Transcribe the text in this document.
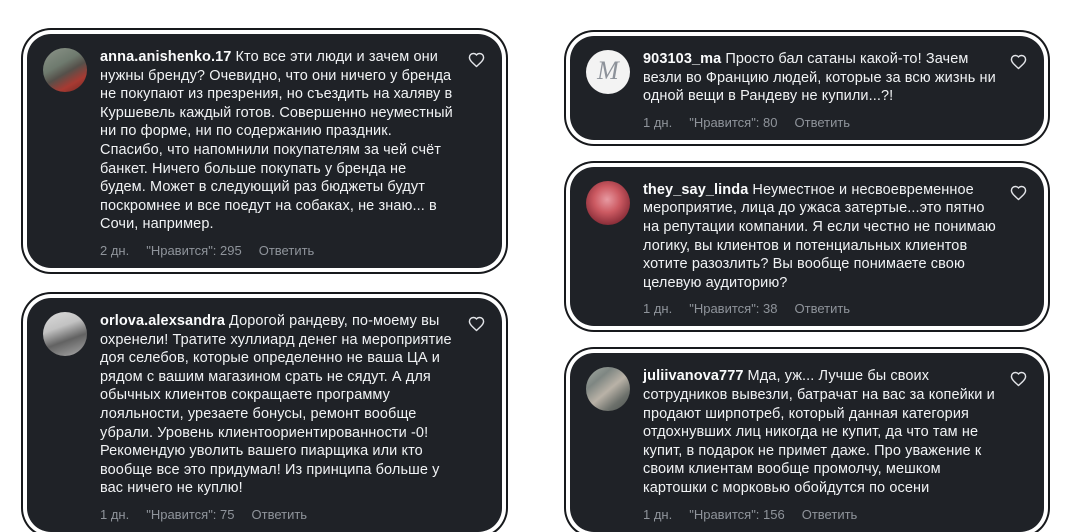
anna.anishenko.17 Кто все эти люди и зачем они нужны бренду? Очевидно, что они ничего у бренда не покупают из презрения, но съездить на халяву в Куршевель каждый готов. Совершенно неуместный ни по форме, ни по содержанию праздник. Спасибо, что напомнили покупателям за чей счёт банкет. Ничего больше покупать у бренда не будем. Может в следующий раз бюджеты будут поскромнее и все поедут на собаках, не знаю... в Сочи, например.

2 дн. "Нравится": 295 Ответить

orlova.alexsandra Дорогой рандеву, по-моему вы охренели! Тратите хуллиард денег на мероприятие доя селебов, которые определенно не ваша ЦА и рядом с вашим магазином срать не сядут. А для обычных клиентов сокращаете программу лояльности, урезаете бонусы, ремонт вообще убрали. Уровень клиентоориентированности -0! Рекомендую уволить вашего пиарщика или кто вообще все это придумал! Из принципа больше у вас ничего не куплю!

1 дн. "Нравится": 75 Ответить
M 903103_ma Просто бал сатаны какой-то! Зачем везли во Францию людей, которые за всю жизнь ни одной вещи в Рандеву не купили...?!

1 дн. "Нравится": 80 Ответить

they_say_linda Неуместное и несвоевременное мероприятие, лица до ужаса затертые...это пятно на репутации компании. Я если честно не понимаю логику, вы клиентов и потенциальных клиентов хотите разозлить? Вы вообще понимаете свою целевую аудиторию?

1 дн. "Нравится": 38 Ответить

juliivanova777 Мда, уж... Лучше бы своих сотрудников вывезли, батрачат на вас за копейки и продают ширпотреб, который данная категория отдохнувших лиц никогда не купит, да что там не купит, в подарок не примет даже. Про уважение к своим клиентам вообще промолчу, мешком картошки с морковью обойдутся по осени

1 дн. "Нравится": 156 Ответить
